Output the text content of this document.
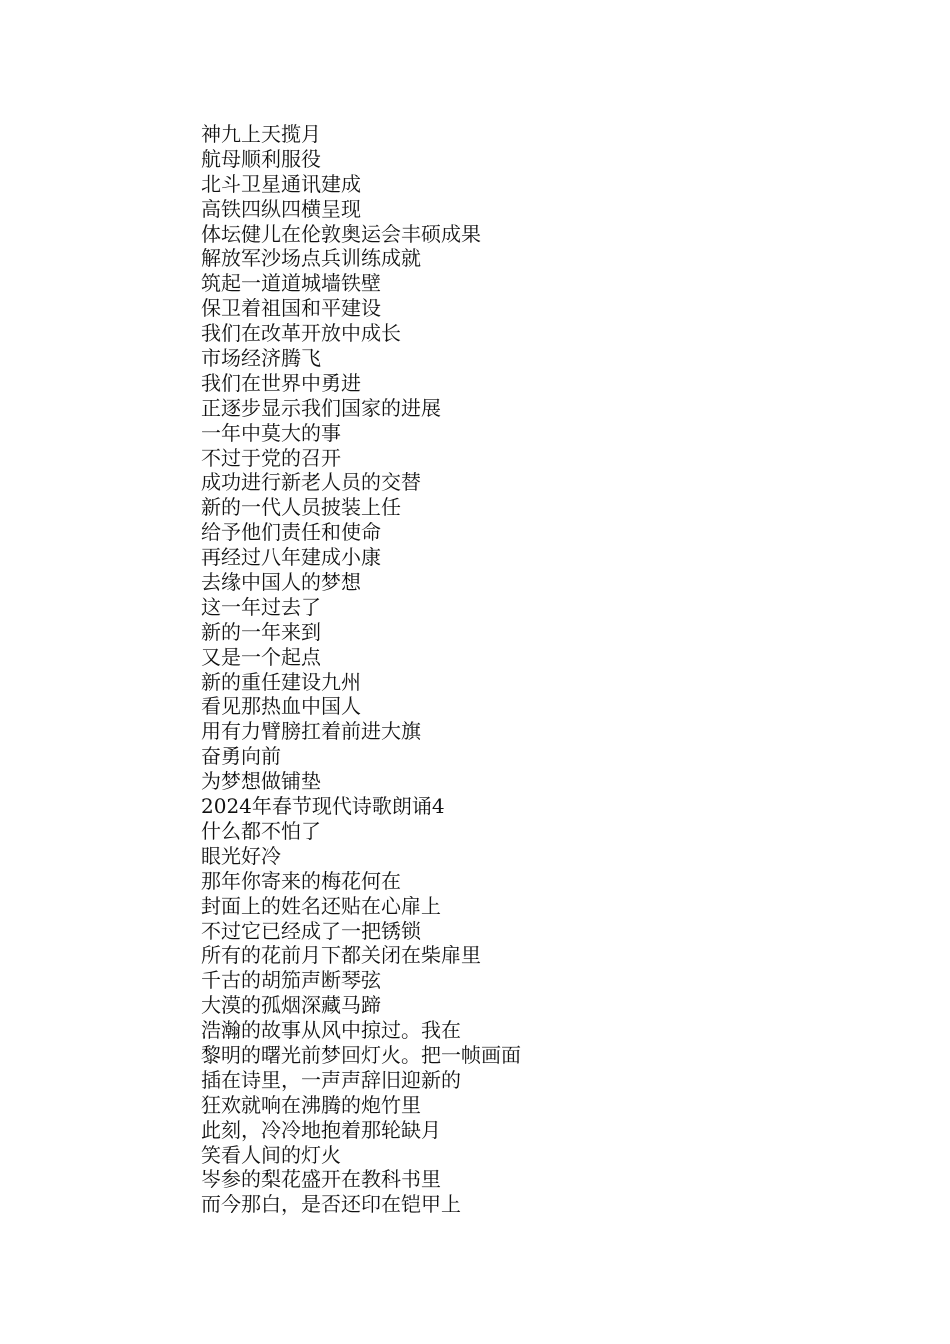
神九上天揽月
航母顺利服役
北斗卫星通讯建成
高铁四纵四横呈现
体坛健儿在伦敦奥运会丰硕成果
解放军沙场点兵训练成就
筑起一道道城墙铁壁
保卫着祖国和平建设
我们在改革开放中成长
市场经济腾飞
我们在世界中勇进
正逐步显示我们国家的进展
一年中莫大的事
不过于党的召开
成功进行新老人员的交替
新的一代人员披装上任
给予他们责任和使命
再经过八年建成小康
去缘中国人的梦想
这一年过去了
新的一年来到
又是一个起点
新的重任建设九州
看见那热血中国人
用有力臂膀扛着前进大旗
奋勇向前
为梦想做铺垫
2024年春节现代诗歌朗诵4
什么都不怕了
眼光好冷
那年你寄来的梅花何在
封面上的姓名还贴在心扉上
不过它已经成了一把锈锁
所有的花前月下都关闭在柴扉里
千古的胡笳声断琴弦
大漠的孤烟深藏马蹄
浩瀚的故事从风中掠过。我在
黎明的曙光前梦回灯火。把一帧画面
插在诗里，一声声辞旧迎新的
狂欢就响在沸腾的炮竹里
此刻，冷冷地抱着那轮缺月
笑看人间的灯火
岑参的梨花盛开在教科书里
而今那白，是否还印在铠甲上
